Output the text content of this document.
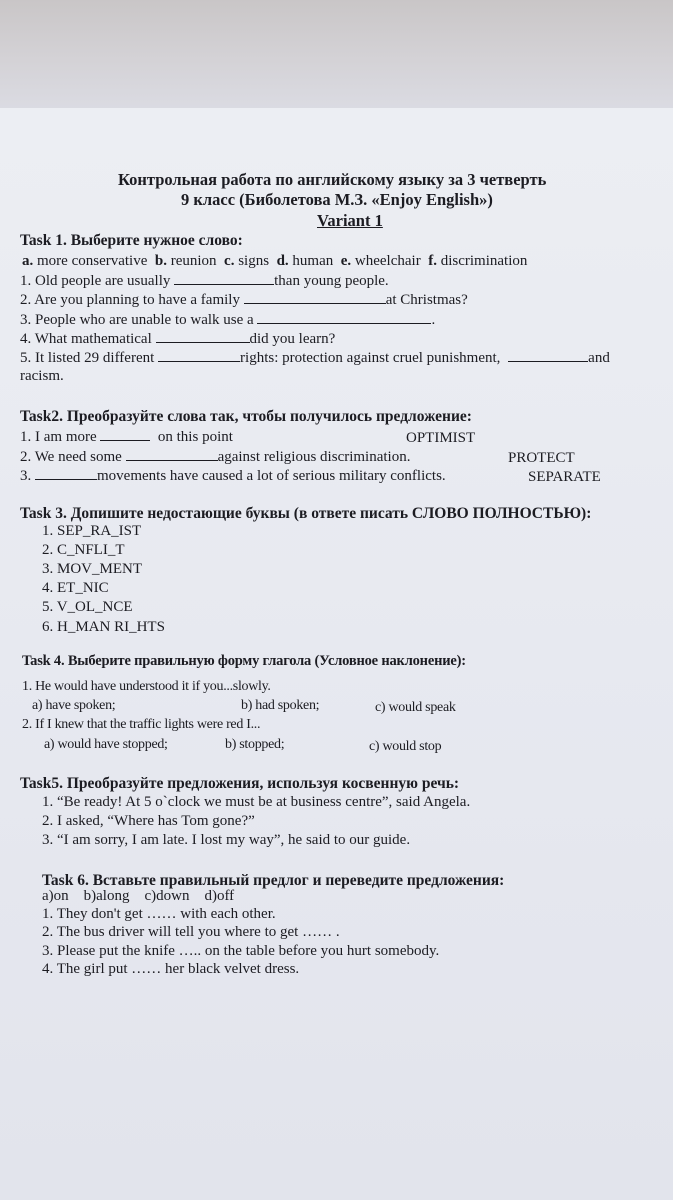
Контрольная работа по английскому языку за 3 четверть
9 класс (Биболетова М.З. «Enjoy English»)
Variant 1
Task 1. Выберите нужное слово:
a. more conservative b. reunion c. signs d. human e. wheelchair f. discrimination
1. Old people are usually	than young people.
2. Are you planning to have a family	at Christmas?
3. People who are unable to walk use a	.
4. What mathematical	did you learn?
5. It listed 29 different	rights: protection against cruel punishment,	and
racism.
Task2. Преобразуйте слова так, чтобы получилось предложение:
1. I am more	on this point	OPTIMIST
2. We need some	against religious discrimination.	PROTECT
3.	movements have caused a lot of serious military conflicts.	SEPARATE
Task 3. Допишите недостающие буквы (в ответе писать СЛОВО ПОЛНОСТЬЮ):
1. SEP_RA_IST
2. C_NFLI_T
3. MOV_MENT
4. ET_NIC
5. V_OL_NCE
6. H_MAN RI_HTS
Task 4. Выберите правильную форму глагола (Условное наклонение):
1. He would have understood it if you...slowly.
a) have spoken;	b) had spoken;	c) would speak
2. If I knew that the traffic lights were red I...
a) would have stopped;	b) stopped;	c) would stop
Task5. Преобразуйте предложения, используя косвенную речь:
1. “Be ready! At 5 o`clock we must be at business centre”, said Angela.
2. I asked, “Where has Tom gone?”
3. “I am sorry, I am late. I lost my way”, he said to our guide.
Task 6. Вставьте правильный предлог и переведите предложения:
a)on    b)along    c)down    d)off
1. They don't get …… with each other.
2. The bus driver will tell you where to get …… .
3. Please put the knife ….. on the table before you hurt somebody.
4. The girl put …… her black velvet dress.
